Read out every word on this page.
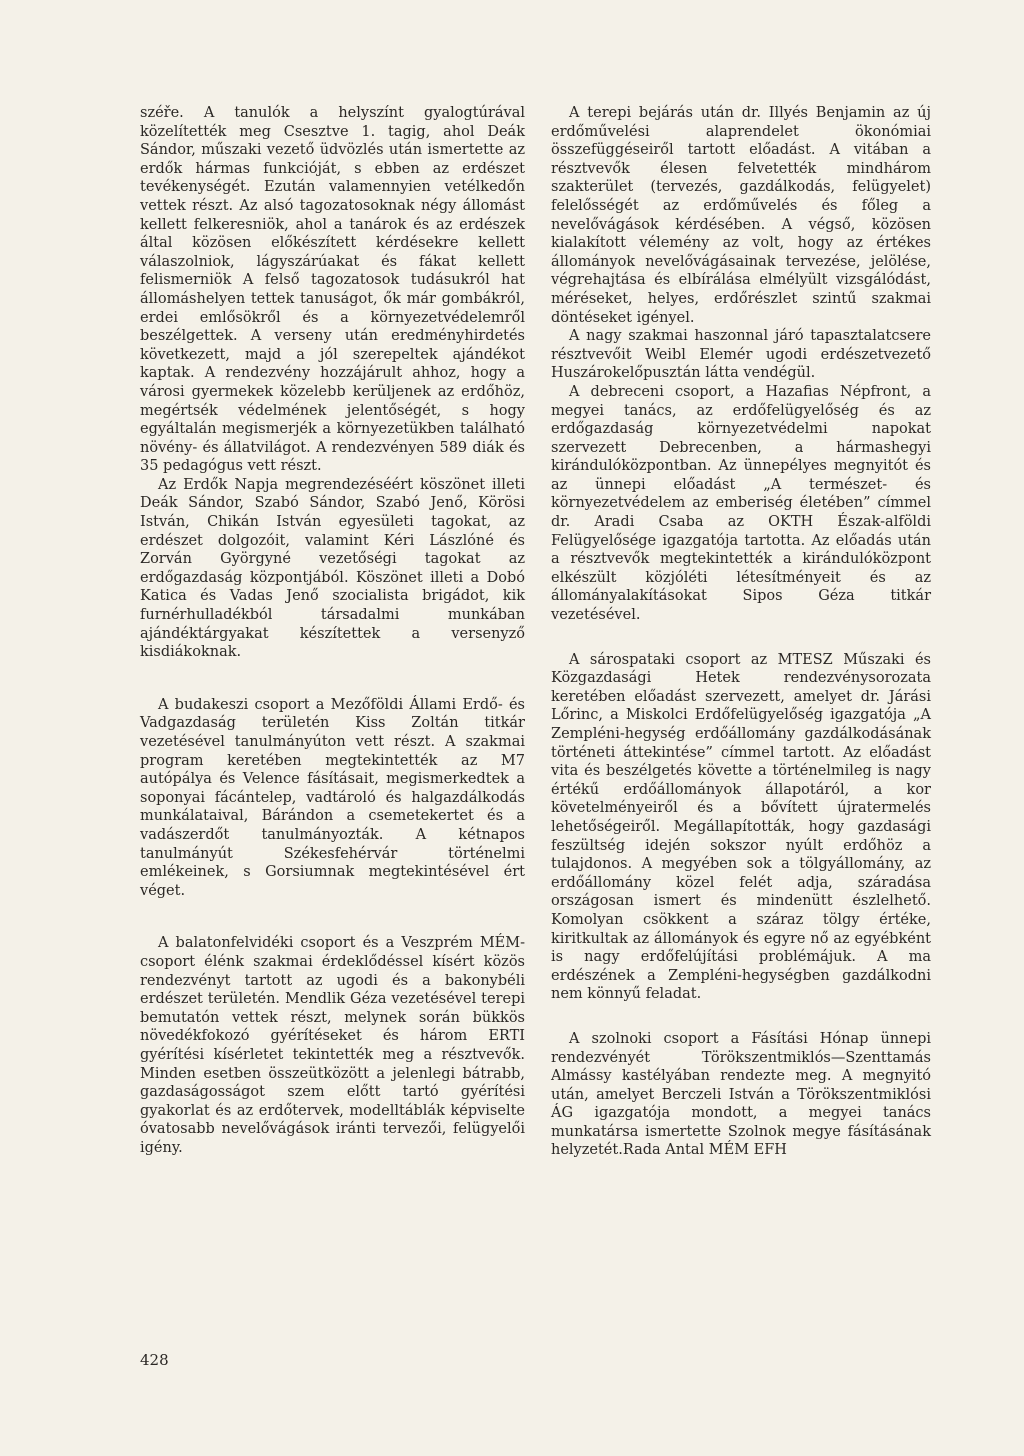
széře. A tanulók a helyszínt gyalogtúrával közelítették meg Csesztve 1. tagig, ahol Deák Sándor, műszaki vezető üdvözlés után ismertette az erdők hármas funkcióját, s ebben az erdészet tevékenységét. Ezután valamennyien vetélkedőn vettek részt. Az alsó tagozatosoknak négy állomást kellett felkeresniök, ahol a tanárok és az erdészek által közösen előkészített kérdésekre kellett válaszolniok, lágyszárúakat és fákat kellett felismerniök A felső tagozatosok tudásukról hat állomáshelyen tettek tanuságot, ők már gombákról, erdei emlősökről és a környezetvédelemről beszélgettek. A verseny után eredményhirdetés következett, majd a jól szerepeltek ajándékot kaptak. A rendezvény hozzájárult ahhoz, hogy a városi gyermekek közelebb kerüljenek az erdőhöz, megértsék védelmének jelentőségét, s hogy egyáltalán megismerjék a környezetükben található növény- és állatvilágot. A rendezvényen 589 diák és 35 pedagógus vett részt.

Az Erdők Napja megrendezéséért köszönet illeti Deák Sándor, Szabó Sándor, Szabó Jenő, Körösi István, Chikán István egyesületi tagokat, az erdészet dolgozóit, valamint Kéri Lászlóné és Zorván Györgyné vezetőségi tagokat az erdőgazdaság központjából. Köszönet illeti a Dobó Katica és Vadas Jenő szocialista brigádot, kik furnérhulladékból társadalmi munkában ajándéktárgyakat készítettek a versenyző kisdiákoknak.

A budakeszi csoport a Mezőföldi Állami Erdő- és Vadgazdaság területén Kiss Zoltán titkár vezetésével tanulmányúton vett részt. A szakmai program keretében megtekintették az M7 autópálya és Velence fásításait, megismerkedtek a soponyai fácántelep, vadtároló és halgazdálkodás munkálataival, Bárándon a csemetekertet és a vadászerdőt tanulmányozták. A kétnapos tanulmányút Székesfehérvár történelmi emlékeinek, s Gorsiumnak megtekintésével ért véget.

A balatonfelvidéki csoport és a Veszprém MÉM-csoport élénk szakmai érdeklődéssel kísért közös rendezvényt tartott az ugodi és a bakonybéli erdészet területén. Mendlik Géza vezetésével terepi bemutatón vettek részt, melynek során bükkös növedékfokozó gyérítéseket és három ERTI gyérítési kísérletet tekintették meg a résztvevők. Minden esetben összeütközött a jelenlegi bátrabb, gazdaságosságot szem előtt tartó gyérítési gyakorlat és az erdőtervek, modelltáblák képviselte óvatosabb nevelővágások iránti tervezői, felügyelői igény.

A terepi bejárás után dr. Illyés Benjamin az új erdőművelési alaprendelet ökonómiai összefüggéseiről tartott előadást. A vitában a résztvevők élesen felvetették mindhárom szakterület (tervezés, gazdálkodás, felügyelet) felelősségét az erdőművelés és főleg a nevelővágások kérdésében. A végső, közösen kialakított vélemény az volt, hogy az értékes állományok nevelővágásainak tervezése, jelölése, végrehajtása és elbírálása elmélyült vizsgálódást, méréseket, helyes, erdőrészlet szintű szakmai döntéseket igényel.

A nagy szakmai haszonnal járó tapasztalatcsere résztvevőit Weibl Elemér ugodi erdészetvezető Huszárokelőpusztán látta vendégül.

A debreceni csoport, a Hazafias Népfront, a megyei tanács, az erdőfelügyelőség és az erdőgazdaság környezetvédelmi napokat szervezett Debrecenben, a hármashegyi kirándulóközpontban. Az ünnepélyes megnyitót és az ünnepi előadást „A természet- és környezetvédelem az emberiség életében” címmel dr. Aradi Csaba az OKTH Észak-alföldi Felügyelősége igazgatója tartotta. Az előadás után a résztvevők megtekintették a kirándulóközpont elkészült közjóléti létesítményeit és az állományalakításokat Sipos Géza titkár vezetésével.

A sárospataki csoport az MTESZ Műszaki és Közgazdasági Hetek rendezvénysorozata keretében előadást szervezett, amelyet dr. Járási Lőrinc, a Miskolci Erdőfelügyelőség igazgatója „A Zempléni-hegység erdőállomány gazdálkodásának történeti áttekintése” címmel tartott. Az előadást vita és beszélgetés követte a történelmileg is nagy értékű erdőállományok állapotáról, a kor követelményeiről és a bővített újratermelés lehetőségeiről. Megállapították, hogy gazdasági feszültség idején sokszor nyúlt erdőhöz a tulajdonos. A megyében sok a tölgyállomány, az erdőállomány közel felét adja, száradása országosan ismert és mindenütt észlelhető. Komolyan csökkent a száraz tölgy értéke, kiritkultak az állományok és egyre nő az egyébként is nagy erdőfelújítási problémájuk. A ma erdészének a Zempléni-hegységben gazdálkodni nem könnyű feladat.

A szolnoki csoport a Fásítási Hónap ünnepi rendezvényét Törökszentmiklós—Szenttamás Almássy kastélyában rendezte meg. A megnyitó után, amelyet Berczeli István a Törökszentmiklósi ÁG igazgatója mondott, a megyei tanács munkatársa ismertette Szolnok megye fásításának helyzetét.Rada Antal MÉM EFH

428
